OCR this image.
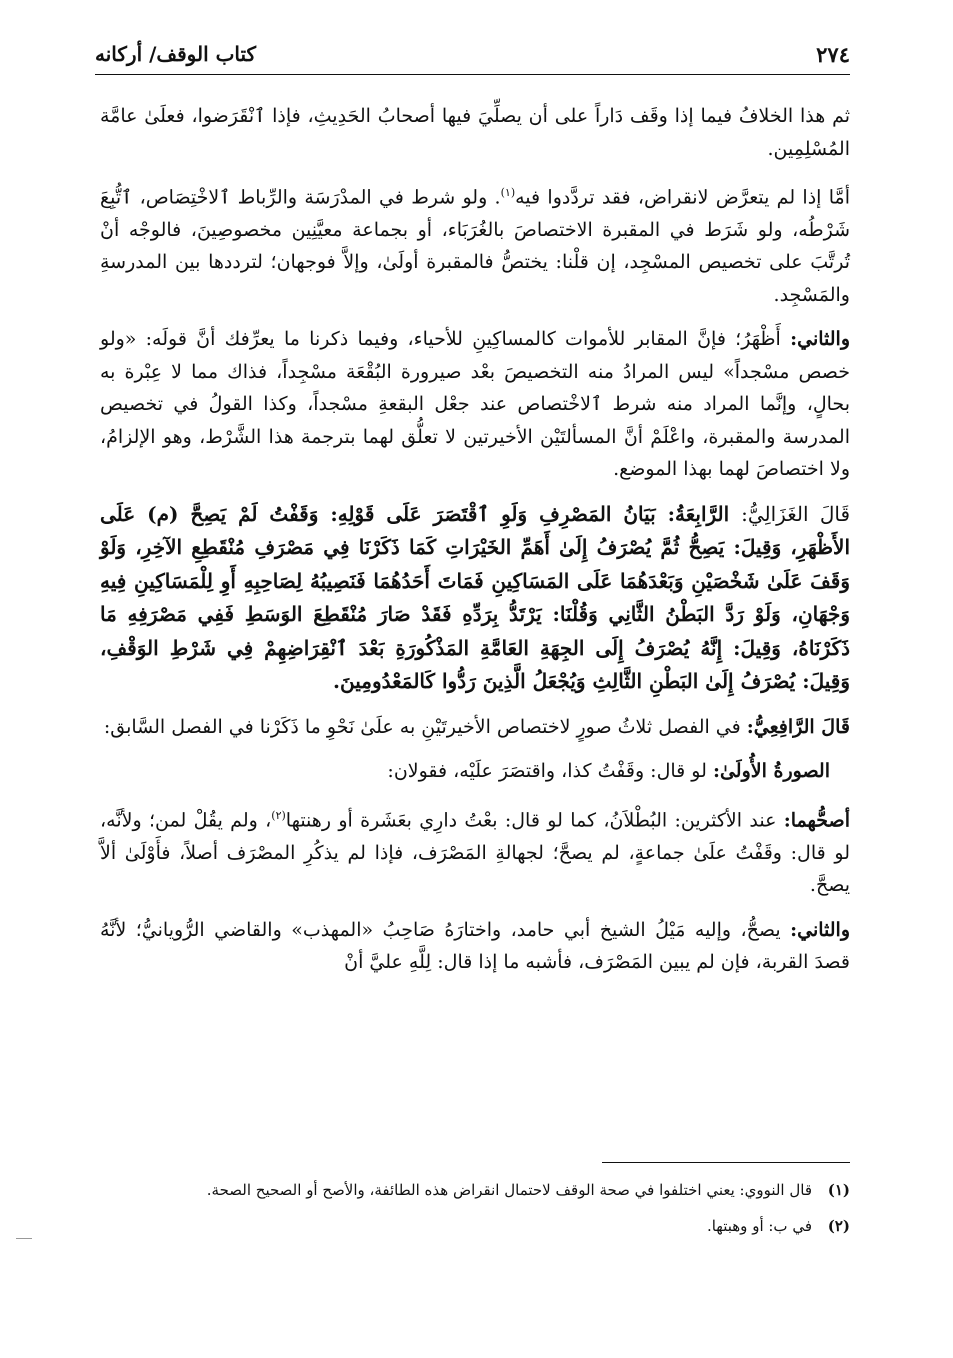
٢٧٤
كتاب الوقف/ أركانه

ثم هذا الخلافُ فيما إذا وقَف دَاراً على أن يصلِّيَ فيها أصحابُ الحَدِيثِ، فإذا ٱنْقَرَضوا، فعلَىٰ عامَّة المُسْلِمِين.

أمَّا إذا لم يتعرَّض لانقراض، فقد تردَّدوا فيه$^{(١)}$. ولو شرط في المدْرَسَة والرِّباط ٱلاخْتِصَاص، ٱتُّبِعَ شَرْطُه، ولو شَرَط في المقبرة الاختصاصَ بالغُرَبَاء، أو بجماعة معيَّنِين مخصوصِينَ، فالوجْه أنْ تُرتَّبَ على تخصيص المسْجِد، إن قلْنا: يختصُّ فالمقبرة أولَىٰ، وإلاَّ فوجهان؛ لترددها بين المدرسةِ والمَسْجِد.

والثاني: أَظْهَرُ؛ فإنَّ المقابر للأموات كالمساكِينِ للأحياء، وفيما ذكرنا ما يعرِّفك أنَّ قولَه: «ولو خصص مسْجداً» ليس المرادُ منه التخصيصَ بعْد صيرورة البُقْعَة مسْجِداً، فذاك مما لا عِبْرة به بحالٍ، وإنَّما المراد منه شرط ٱلاخْتصاص عند جعْل البقعةِ مسْجداً، وكذا القولُ في تخصيص المدرسة والمقبرة، واعْلَمْ أنَّ المسألتَيْن الأخيرتين لا تعلُّق لهما بترجمة هذا الشَّرْط، وهو الإلزامُ، ولا اختصاصَ لهما بهذا الموضع.

قَالَ الغَزَالِيُّ: الرَّابِعَةُ: بَيَانُ المَصْرِفِ وَلَوِ ٱقْتَصَرَ عَلَى قَوْلِهِ: وَقَفْتُ لَمْ يَصِحَّ (م) عَلَى الأَظْهَرِ، وَقِيلَ: يَصِحُّ ثُمَّ يُصْرَفُ إِلَىٰ أَهَمِّ الخَيْرَاتِ كَمَا ذَكَرْنَا فِي مَصْرَفِ مُنْقَطِعِ الآخِرِ، وَلَوْ وَقَفَ عَلَىٰ شَخْصَيْنِ وَبَعْدَهُمَا عَلَى المَسَاكِينِ فَمَاتَ أَحَدُهُمَا فَنَصِيبُهُ لِصَاحِبِهِ أَوِ لِلْمَسَاكِينِ فِيهِ وَجْهَانِ، وَلَوْ رَدَّ البَطْنُ الثَّانِي وَقُلْنَا: يَرْتَدُّ بِرَدِّهِ فَقَدْ صَارَ مُنْقَطِعَ الوَسَطِ فَفِي مَصْرَفِهِ مَا ذَكَرْنَاهُ، وَقِيلَ: إِنَّهُ يُصْرَفُ إِلَى الجِهَةِ العَامَّةِ المَذْكُورَةِ بَعْدَ ٱنْقِرَاضِهِمْ فِي شَرْطِ الوَقْفِ، وَقِيلَ: يُصْرَفُ إِلَىٰ البَطْنِ الثَّالِثِ وَيُجْعَلُ الَّذِينَ رَدُّوا كَالمَعْدُومِينَ.

قَالَ الرَّافِعِيُّ: في الفصل ثلاثُ صورٍ لاختصاص الأخيرتَيْنِ به علَىٰ نَحْوِ ما ذَكَرْنا في الفصل السَّابق:

الصورةُ الأُولَىٰ: لو قال: وقَفْتُ كذا، واقتصَرَ علَيْه، فقولان:

أصحُّهما: عند الأكثرين: البُطْلاَنُ، كما لو قال: بعْتُ دارِي بعَشَرة أو رهنتها$^{(٢)}$، ولم يقُلْ لمن؛ ولأنَّه، لو قال: وقَفْتُ علَىٰ جماعةٍ، لم يصحَّ؛ لجهالةِ المَصْرَف، فإذا لم يذكُرِ المصْرَف أصلاً، فأَوْلَىٰ ألاَّ يصحَّ.

والثاني: يصحُّ، وإليه مَيْلُ الشيخ أبي حامد، واختارَهُ صَاحِبُ «المهذب» والقاضي الرُّويانيُّ؛ لأنَّهُ قصدَ القربة، فإن لم يبين المَصْرَف، فأشبه ما إذا قال: لِلَّهِ عليَّ أنْ

(١)
قال النووي: يعني اختلفوا في صحة الوقف لاحتمال انقراض هذه الطائفة، والأصح أو الصحيح الصحة.
(٢)
في ب: أو وهبتها.
